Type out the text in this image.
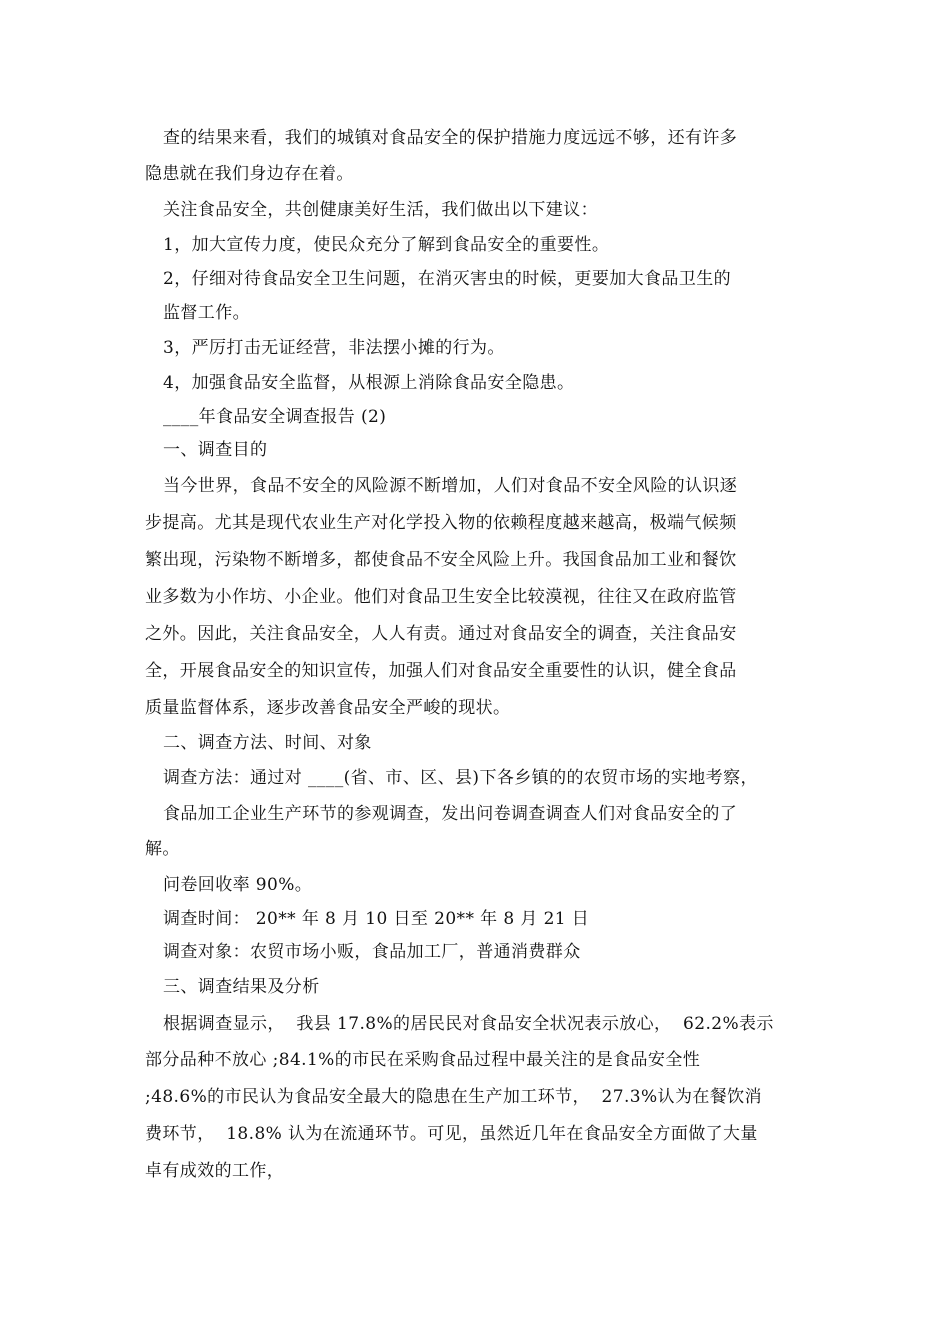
查的结果来看，我们的城镇对食品安全的保护措施力度远远不够，还有许多
隐患就在我们身边存在着。
关注食品安全，共创健康美好生活，我们做出以下建议：
1，加大宣传力度，使民众充分了解到食品安全的重要性。
2，仔细对待食品安全卫生问题，在消灭害虫的时候，更要加大食品卫生的
监督工作。
3，严厉打击无证经营，非法摆小摊的行为。
4，加强食品安全监督，从根源上消除食品安全隐患。
____年食品安全调查报告 (2)
一、调查目的
当今世界，食品不安全的风险源不断增加，人们对食品不安全风险的认识逐
步提高。尤其是现代农业生产对化学投入物的依赖程度越来越高，极端气候频
繁出现，污染物不断增多，都使食品不安全风险上升。我国食品加工业和餐饮
业多数为小作坊、小企业。他们对食品卫生安全比较漠视，往往又在政府监管
之外。因此，关注食品安全，人人有责。通过对食品安全的调查，关注食品安
全，开展食品安全的知识宣传，加强人们对食品安全重要性的认识，健全食品
质量监督体系，逐步改善食品安全严峻的现状。
二、调查方法、时间、对象
调查方法：通过对 ____(省、市、区、县)下各乡镇的的农贸市场的实地考察，
食品加工企业生产环节的参观调查，发出问卷调查调查人们对食品安全的了
解。
问卷回收率 90%。
调查时间： 20** 年 8 月 10 日至 20** 年 8 月 21 日
调查对象：农贸市场小贩，食品加工厂，普通消费群众
三、调查结果及分析
根据调查显示，  我县 17.8%的居民民对食品安全状况表示放心，  62.2%表示
部分品种不放心 ;84.1%的市民在采购食品过程中最关注的是食品安全性
;48.6%的市民认为食品安全最大的隐患在生产加工环节，  27.3%认为在餐饮消
费环节，  18.8% 认为在流通环节。可见，虽然近几年在食品安全方面做了大量
卓有成效的工作，
